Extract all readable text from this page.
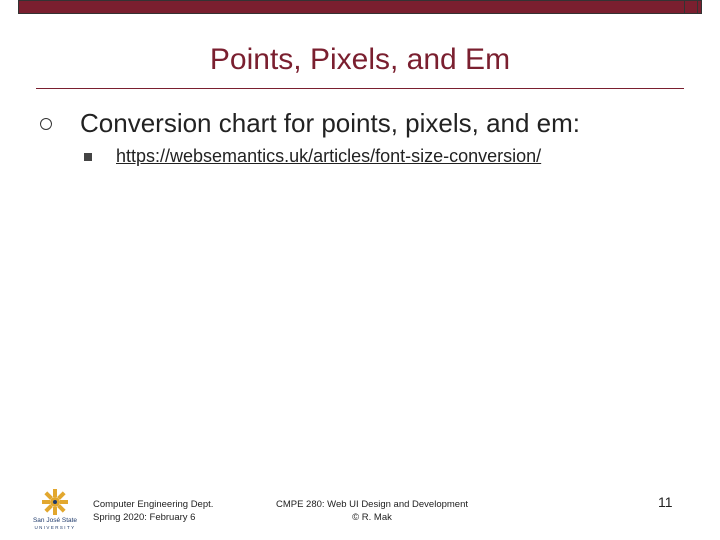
Points, Pixels, and Em
Conversion chart for points, pixels, and em:
https://websemantics.uk/articles/font-size-conversion/
San José State
UNIVERSITY
Computer Engineering Dept.
Spring 2020: February 6
CMPE 280: Web UI Design and Development
© R. Mak
11
